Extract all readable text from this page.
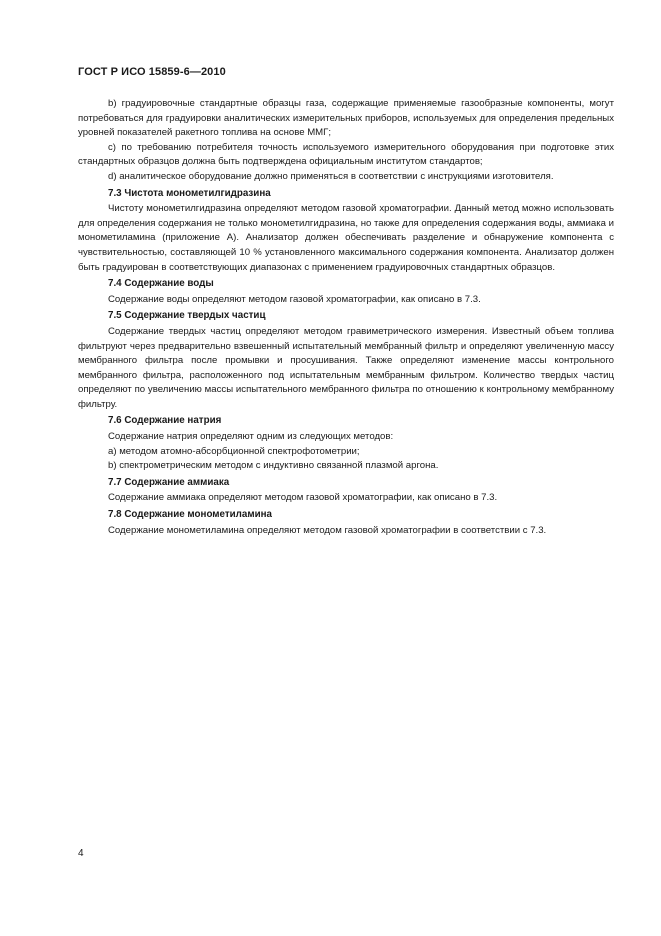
ГОСТ Р ИСО 15859-6—2010

b) градуировочные стандартные образцы газа, содержащие применяемые газообразные компоненты, могут потребоваться для градуировки аналитических измерительных приборов, используемых для определения предельных уровней показателей ракетного топлива на основе ММГ;

c) по требованию потребителя точность используемого измерительного оборудования при подготовке этих стандартных образцов должна быть подтверждена официальным институтом стандартов;

d) аналитическое оборудование должно применяться в соответствии с инструкциями изготовителя.

7.3 Чистота монометилгидразина

Чистоту монометилгидразина определяют методом газовой хроматографии. Данный метод можно использовать для определения содержания не только монометилгидразина, но также для определения содержания воды, аммиака и монометиламина (приложение А). Анализатор должен обеспечивать разделение и обнаружение компонента с чувствительностью, составляющей 10 % установленного максимального содержания компонента. Анализатор должен быть градуирован в соответствующих диапазонах с применением градуировочных стандартных образцов.

7.4 Содержание воды

Содержание воды определяют методом газовой хроматографии, как описано в 7.3.

7.5 Содержание твердых частиц

Содержание твердых частиц определяют методом гравиметрического измерения. Известный объем топлива фильтруют через предварительно взвешенный испытательный мембранный фильтр и определяют увеличенную массу мембранного фильтра после промывки и просушивания. Также определяют изменение массы контрольного мембранного фильтра, расположенного под испытательным мембранным фильтром. Количество твердых частиц определяют по увеличению массы испытательного мембранного фильтра по отношению к контрольному мембранному фильтру.

7.6 Содержание натрия

Содержание натрия определяют одним из следующих методов:

a) методом атомно-абсорбционной спектрофотометрии;

b) спектрометрическим методом с индуктивно связанной плазмой аргона.

7.7 Содержание аммиака

Содержание аммиака определяют методом газовой хроматографии, как описано в 7.3.

7.8 Содержание монометиламина

Содержание монометиламина определяют методом газовой хроматографии в соответствии с 7.3.

4
